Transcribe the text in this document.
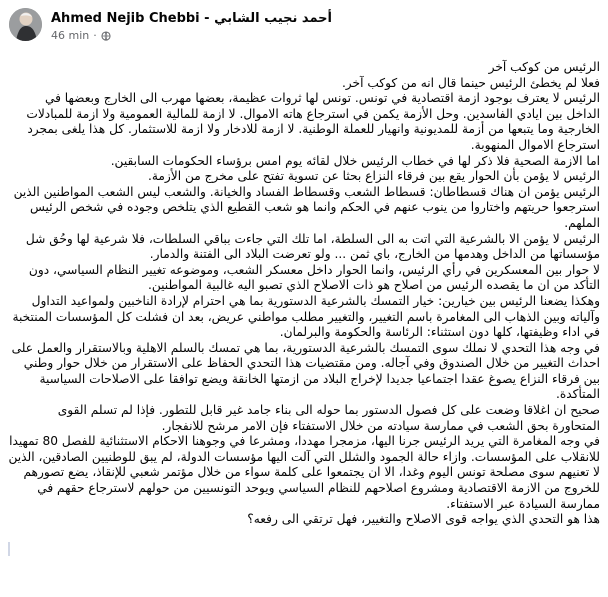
Ahmed Nejib Chebbi - أحمد نجيب الشابي
46 min ·

الرئيس من كوكب آخر

فعلا لم يخطئ الرئيس حينما قال انه من كوكب آخر.

الرئيس لا يعترف بوجود ازمة اقتصادية في تونس. تونس لها ثروات عظيمة، بعضها مهرب الى الخارج وبعضها في الداخل بين ايادي الفاسدين. وحل الأزمة يكمن في استرجاع هاته الاموال. لا ازمة للمالية العمومية ولا ازمة للمبادلات الخارجية وما يتبعها من أزمة للمديونية وانهيار للعملة الوطنية. لا ازمة للادخار ولا ازمة للاستثمار. كل هذا يلغى بمجرد استرجاع الاموال المنهوبة.

اما الازمة الصحية فلا ذكر لها في خطاب الرئيس خلال لقائه يوم امس برؤساء الحكومات السابقين.

الرئيس لا يؤمن بأن الحوار يقع بين فرقاء النزاع بحثا عن تسوية تفتح على مخرج من الأزمة.

الرئيس يؤمن ان هناك قسطاطان: قسطاط الشعب وقسطاط الفساد والخيانة. والشعب ليس الشعب المواطنين الذين استرجعوا حريتهم واختاروا من ينوب عنهم في الحكم وانما هو شعب القطيع الذي يتلخص وجوده في شخص الرئيس الملهم.

الرئيس لا يؤمن الا بالشرعية التي اتت به الى السلطة، اما تلك التي جاءت بباقي السلطات، فلا شرعية لها وحُق شل مؤسساتها من الداخل وهدمها من الخارج، باي ثمن ... ولو تعرضت البلاد الى الفتنة والدمار.

لا حوار بين المعسكرين في رأي الرئيس، وانما الحوار داخل معسكر الشعب، وموضوعه تغيير النظام السياسي، دون التأكد من ان ما يقصده الرئيس من اصلاح هو ذات الاصلاح الذي تصبو اليه غالبية المواطنين.

وهكذا يضعنا الرئيس بين خيارين: خيار التمسك بالشرعية الدستورية بما هي احترام لإرادة الناخبين ولمواعيد التداول وآلياته وبين الذهاب الى المغامرة باسم التغيير، والتغيير مطلب مواطني عريض، بعد ان فشلت كل المؤسسات المنتخبة في اداء وظيفتها، كلها دون استثناء: الرئاسة والحكومة والبرلمان.

في وجه هذا التحدي لا نملك سوى التمسك بالشرعية الدستورية، بما هي تمسك بالسلم الاهلية وبالاستقرار والعمل على احداث التغيير من خلال الصندوق وفي آجاله. ومن مقتضيات هذا التحدي الحفاظ على الاستقرار من خلال حوار وطني بين فرقاء النزاع يصوغ عقدا اجتماعيا جديدا لإخراج البلاد من ازمتها الخانقة ويضع توافقا على الاصلاحات السياسية المتأكدة.

صحيح ان اغلاقا وضعت على كل فصول الدستور بما حوله الى بناء جامد غير قابل للتطور. فإذا لم تسلم القوى المتحاورة بحق الشعب في ممارسة سيادته من خلال الاستفتاء فإن الامر مرشح للانفجار.

في وجه المغامرة التي يريد الرئيس جرنا اليها، مزمجرا مهددا، ومشرعا في وجوهنا الاحكام الاستثنائية للفصل 80 تمهيدا للانقلاب على المؤسسات. وازاء حالة الجمود والشلل التي آلت اليها مؤسسات الدولة، لم يبق للوطنيين الصادقين، الذين لا تعنيهم سوى مصلحة تونس اليوم وغدا، الا ان يجتمعوا على كلمة سواء من خلال مؤتمر شعبي للإنقاذ، يضع تصورهم للخروج من الازمة الاقتصادية ومشروع اصلاحهم للنظام السياسي ويوحد التونسيين من حولهم لاسترجاع حقهم في ممارسة السيادة عبر الاستفتاء.

هذا هو التحدي الذي يواجه قوى الاصلاح والتغيير، فهل ترتقي الى رفعه؟
